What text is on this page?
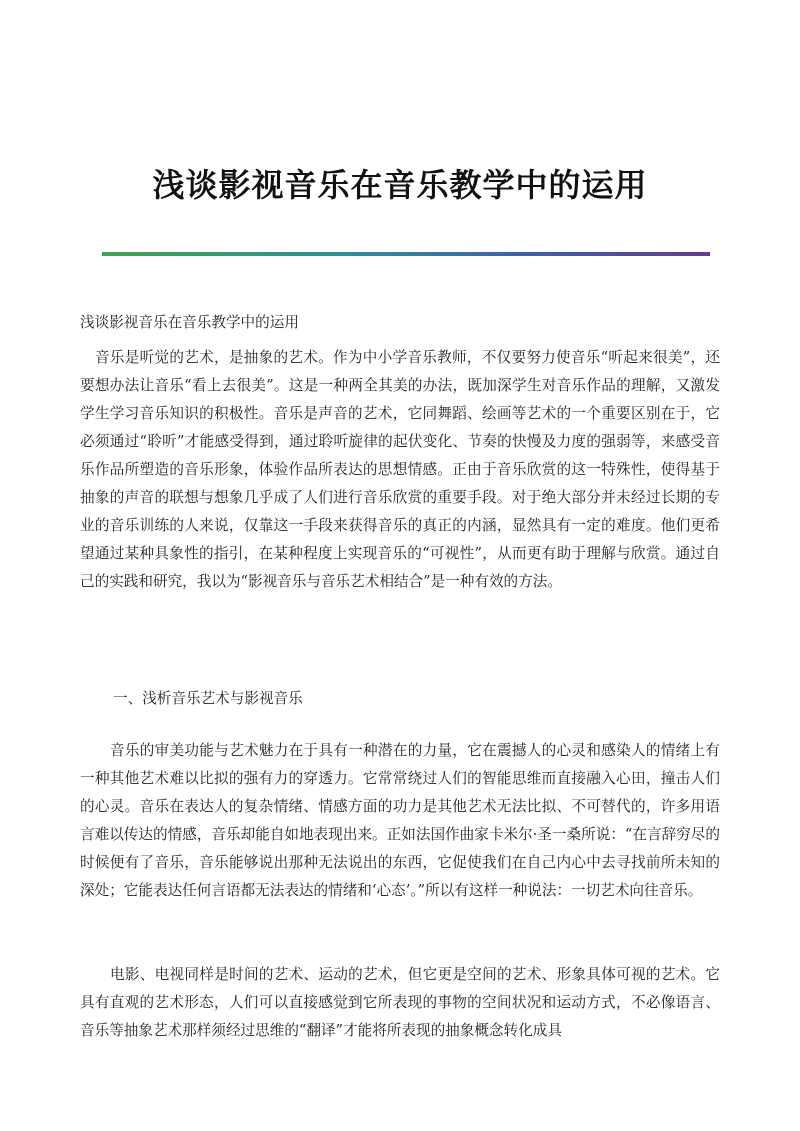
浅谈影视音乐在音乐教学中的运用
浅谈影视音乐在音乐教学中的运用
音乐是听觉的艺术，是抽象的艺术。作为中小学音乐教师，不仅要努力使音乐“听起来很美”，还要想办法让音乐“看上去很美”。这是一种两全其美的办法，既加深学生对音乐作品的理解，又激发学生学习音乐知识的积极性。音乐是声音的艺术，它同舞蹈、绘画等艺术的一个重要区别在于，它必须通过“聆听”才能感受得到，通过聆听旋律的起伏变化、节奏的快慢及力度的强弱等，来感受音乐作品所塑造的音乐形象，体验作品所表达的思想情感。正由于音乐欣赏的这一特殊性，使得基于抽象的声音的联想与想象几乎成了人们进行音乐欣赏的重要手段。对于绝大部分并未经过长期的专业的音乐训练的人来说，仅靠这一手段来获得音乐的真正的内涵，显然具有一定的难度。他们更希望通过某种具象性的指引，在某种程度上实现音乐的“可视性”，从而更有助于理解与欣赏。通过自己的实践和研究，我以为“影视音乐与音乐艺术相结合”是一种有效的方法。
一、浅析音乐艺术与影视音乐
音乐的审美功能与艺术魅力在于具有一种潜在的力量，它在震撼人的心灵和感染人的情绪上有一种其他艺术难以比拟的强有力的穿透力。它常常绕过人们的智能思维而直接融入心田，撞击人们的心灵。音乐在表达人的复杂情绪、情感方面的功力是其他艺术无法比拟、不可替代的，许多用语言难以传达的情感，音乐却能自如地表现出来。正如法国作曲家卡米尔·圣一桑所说：“在言辞穷尽的时候便有了音乐，音乐能够说出那种无法说出的东西，它促使我们在自己内心中去寻找前所未知的深处；它能表达任何言语都无法表达的情绪和‘心态’。”所以有这样一种说法：一切艺术向往音乐。
电影、电视同样是时间的艺术、运动的艺术，但它更是空间的艺术、形象具体可视的艺术。它具有直观的艺术形态，人们可以直接感觉到它所表现的事物的空间状况和运动方式，不必像语言、音乐等抽象艺术那样须经过思维的“翻译”才能将所表现的抽象概念转化成具
